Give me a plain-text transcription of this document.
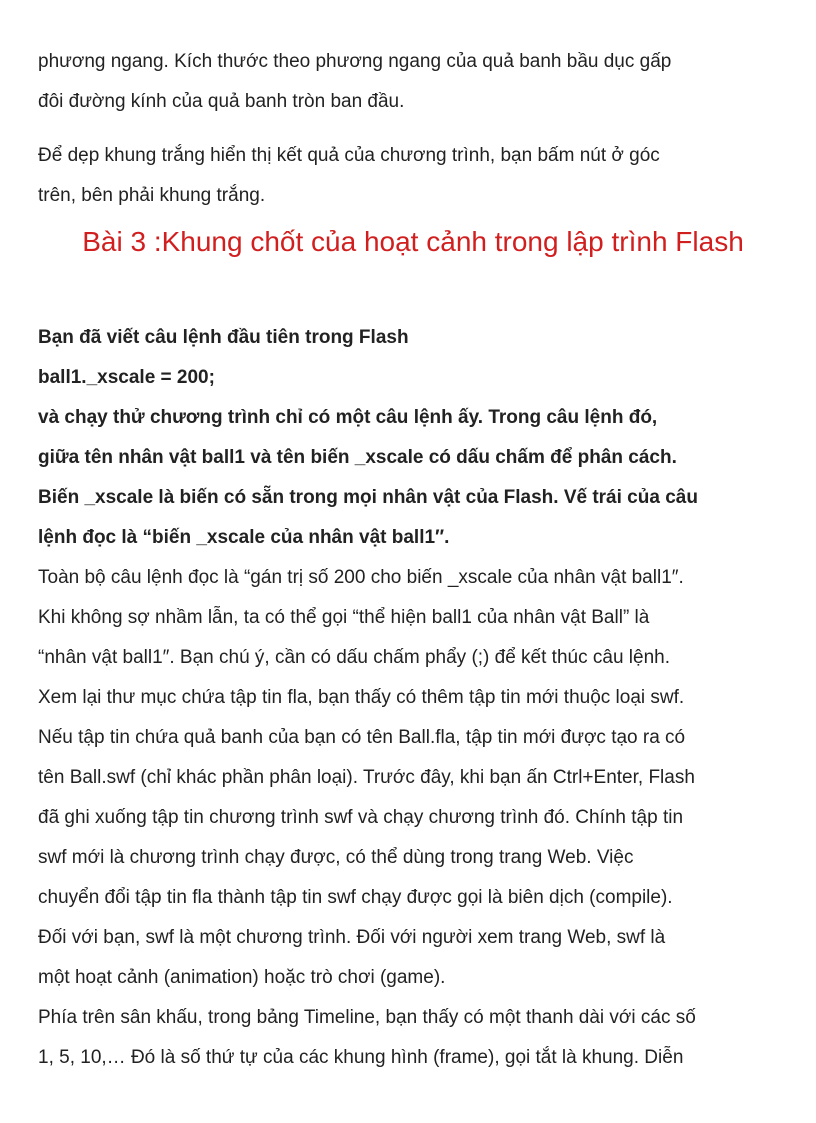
phương ngang. Kích thước theo phương ngang của quả banh bầu dục gấp

đôi đường kính của quả banh tròn ban đầu.

Để dẹp khung trắng hiển thị kết quả của chương trình, bạn bấm nút ở góc

trên, bên phải khung trắng.

Bài 3 :Khung chốt của hoạt cảnh trong lập trình Flash

Bạn đã viết câu lệnh đầu tiên trong Flash

ball1._xscale = 200;

và chạy thử chương trình chỉ có một câu lệnh ấy. Trong câu lệnh đó,

giữa tên nhân vật ball1 và tên biến _xscale có dấu chấm để phân cách.

Biến _xscale là biến có sẵn trong mọi nhân vật của Flash. Vế trái của câu

lệnh đọc là “biến _xscale của nhân vật ball1″.

Toàn bộ câu lệnh đọc là “gán trị số 200 cho biến _xscale của nhân vật ball1″.

Khi không sợ nhầm lẫn, ta có thể gọi “thể hiện ball1 của nhân vật Ball” là

“nhân vật ball1″. Bạn chú ý, cần có dấu chấm phẩy (;) để kết thúc câu lệnh.

Xem lại thư mục chứa tập tin fla, bạn thấy có thêm tập tin mới thuộc loại swf.

Nếu tập tin chứa quả banh của bạn có tên Ball.fla, tập tin mới được tạo ra có

tên Ball.swf (chỉ khác phần phân loại). Trước đây, khi bạn ấn Ctrl+Enter, Flash

đã ghi xuống tập tin chương trình swf và chạy chương trình đó. Chính tập tin

swf mới là chương trình chạy được, có thể dùng trong trang Web. Việc

chuyển đổi tập tin fla thành tập tin swf chạy được gọi là biên dịch (compile).

Đối với bạn, swf là một chương trình. Đối với người xem trang Web, swf là

một hoạt cảnh (animation) hoặc trò chơi (game).

Phía trên sân khấu, trong bảng Timeline, bạn thấy có một thanh dài với các số

1, 5, 10,… Đó là số thứ tự của các khung hình (frame), gọi tắt là khung. Diễn
